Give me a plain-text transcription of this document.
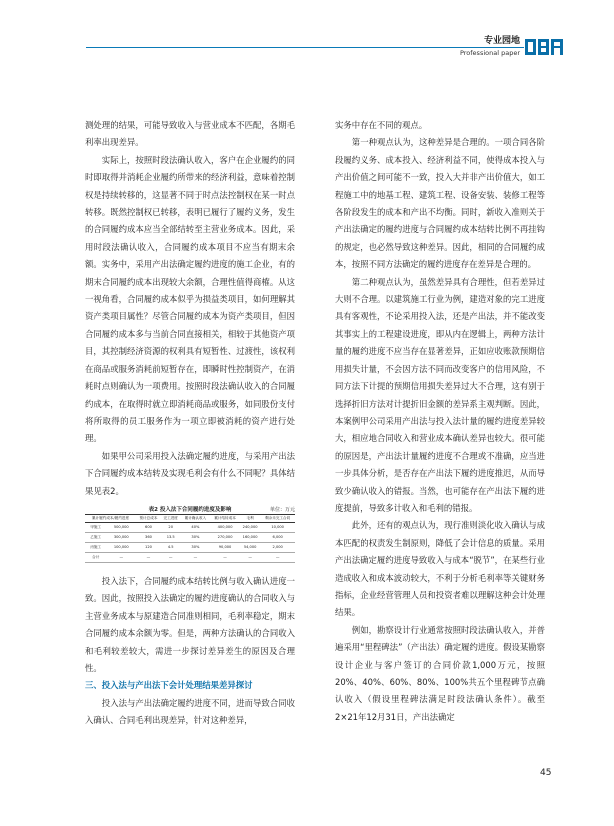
专业园地
Professional paper

测处理的结果，可能导致收入与营业成本不匹配，各期毛利率出现差异。

实际上，按照时段法确认收入，客户在企业履约的同时即取得并消耗企业履约所带来的经济利益，意味着控制权是持续转移的，这显著不同于时点法控制权在某一时点转移。既然控制权已转移，表明已履行了履约义务，发生的合同履约成本应当全部结转至主营业务成本。因此，采用时段法确认收入，合同履约成本项目不应当有期末余额。实务中，采用产出法确定履约进度的施工企业，有的期末合同履约成本出现较大余额，合理性值得商榷。从这一视角看，合同履约成本似乎为损益类项目，如何理解其资产类项目属性？尽管合同履约成本为资产类项目，但因合同履约成本多与当前合同直接相关，相较于其他资产项目，其控制经济资源的权利具有短暂性、过渡性，该权利在商品或服务消耗前短暂存在，即瞬时性控制资产，在消耗时点则确认为一项费用。按照时段法确认收入的合同履约成本，在取得时就立即消耗商品或服务，如同股份支付将所取得的员工服务作为一项立即被消耗的资产进行处理。

如果甲公司采用投入法确定履约进度，与采用产出法下合同履约成本结转及实现毛利会有什么不同呢？具体结果见表2。

表2 投入法下合同履约进度及影响	单位：万元
累计履约成本/履约进度		预计总成本	完工进度	累计确认收入	累计结转成本	毛利	剩余未完工合同
甲施工	500,000	600	20	40%	400,000	240,000	10,000
乙施工	300,000	360	13.5	30%	270,000	160,000	6,000
丙施工	100,000	120	4.5	30%	90,000	54,000	2,000
合计	—	—	—	—	—	—	—

投入法下，合同履约成本结转比例与收入确认进度一致。因此，按照投入法确定的履约进度确认的合同收入与主营业务成本与原建造合同准则相同，毛利率稳定，期末合同履约成本余额为零。但是，两种方法确认的合同收入和毛利较差较大，需进一步探讨差异差生的原因及合理性。

三、投入法与产出法下会计处理结果差异探讨

投入法与产出法确定履约进度不同，进而导致合同收入确认、合同毛利出现差异，针对这种差异，

实务中存在不同的观点。

第一种观点认为，这种差异是合理的。一项合同各阶段履约义务、成本投入、经济利益不同，使得成本投入与产出价值之间可能不一致，投入大并非产出价值大，如工程施工中的地基工程、建筑工程、设备安装、装修工程等各阶段发生的成本和产出不均衡。同时，新收入准则关于产出法确定的履约进度与合同履约成本结转比例不再挂钩的规定，也必然导致这种差异。因此，相同的合同履约成本，按照不同方法确定的履约进度存在差异是合理的。

第二种观点认为，虽然差异具有合理性，但若差异过大则不合理。以建筑施工行业为例，建造对象的完工进度具有客观性，不论采用投入法，还是产出法，并不能改变其事实上的工程建设进度，即从内在逻辑上，两种方法计量的履约进度不应当存在显著差异，正如应收账款预期信用损失计量，不会因方法不同而改变客户的信用风险，不同方法下计提的预期信用损失差异过大不合理，这有别于选择折旧方法对计提折旧金额的差异系主观判断。因此，本案例甲公司采用产出法与投入法计量的履约进度差异较大，相应地合同收入和营业成本确认差异也较大。很可能的原因是，产出法计量履约进度不合理或不准确，应当进一步具体分析，是否存在产出法下履约进度推迟，从而导致少确认收入的错报。当然，也可能存在产出法下履约进度提前，导致多计收入和毛利的错报。

此外，还有的观点认为，现行准则淡化收入确认与成本匹配的权责发生制原则，降低了会计信息的质量。采用产出法确定履约进度导致收入与成本“脱节”，在某些行业造成收入和成本波动较大，不利于分析毛利率等关键财务指标，企业经营管理人员和投资者难以理解这种会计处理结果。

例如，勘察设计行业通常按照时段法确认收入，并普遍采用“里程碑法”（产出法）确定履约进度。假设某勘察设计企业与客户签订的合同价款1,000万元，按照20%、40%、60%、80%、100%共五个里程碑节点确认收入（假设里程碑法满足时段法确认条件）。截至2×21年12月31日，产出法确定

45
